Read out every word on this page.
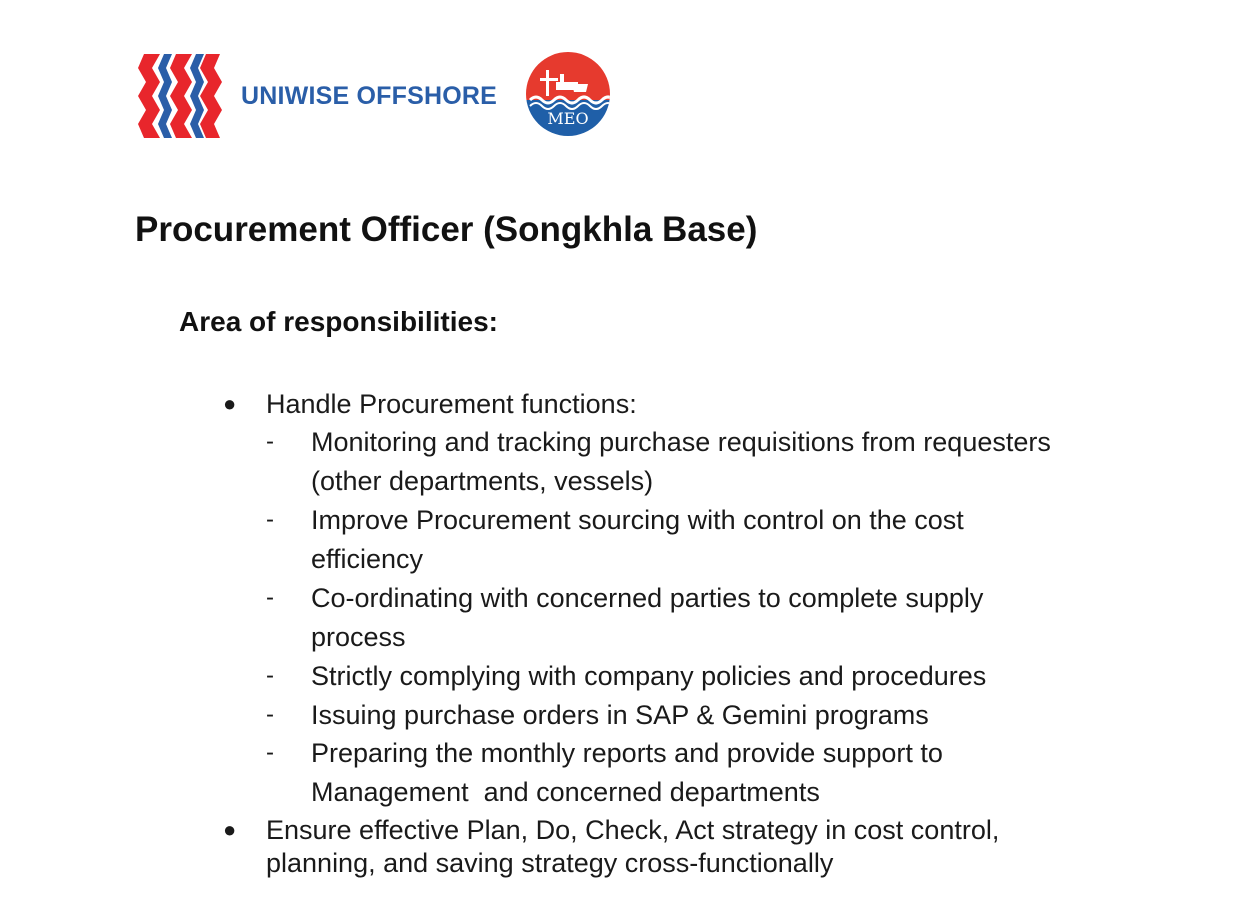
UNIWISE OFFSHORE
MEO
Procurement Officer (Songkhla Base)
Area of responsibilities:
● Handle Procurement functions:
- Monitoring and tracking purchase requisitions from requesters
(other departments, vessels)
- Improve Procurement sourcing with control on the cost
efficiency
- Co-ordinating with concerned parties to complete supply
process
- Strictly complying with company policies and procedures
- Issuing purchase orders in SAP & Gemini programs
- Preparing the monthly reports and provide support to
Management  and concerned departments
● Ensure effective Plan, Do, Check, Act strategy in cost control,
planning, and saving strategy cross-functionally
